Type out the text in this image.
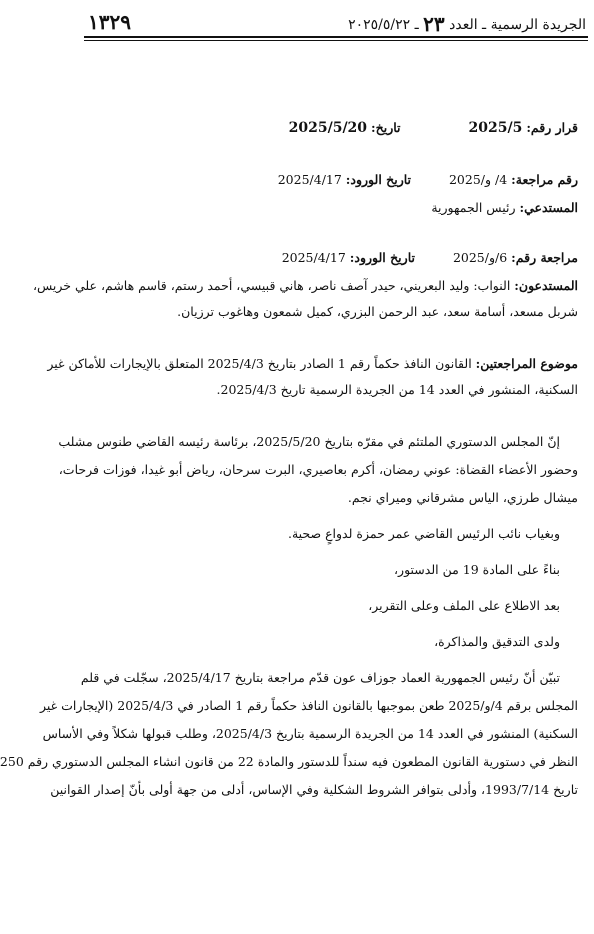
الجريدة الرسمية ـ العدد ٢٣ ـ ٢٠٢٥/٥/٢٢
١٣٢٩
قرار رقم: 2025/5  تاريخ: 2025/5/20
رقم مراجعة: 4/ و/2025  تاريخ الورود: 2025/4/17
المستدعي: رئيس الجمهورية
مراجعة رقم: 6/و/2025  تاريخ الورود: 2025/4/17
المستدعون: النواب: وليد البعريني، حيدر آصف ناصر، هاني قبيسي، أحمد رستم، قاسم هاشم، علي خريس،
شربل مسعد، أسامة سعد، عبد الرحمن البزري، كميل شمعون وهاغوب ترزيان.
موضوع المراجعتين: القانون النافذ حكماً رقم 1 الصادر بتاريخ 2025/4/3 المتعلق بالإيجارات للأماكن غير
السكنية، المنشور في العدد 14 من الجريدة الرسمية تاريخ 2025/4/3.
إنّ المجلس الدستوري الملتئم في مقرّه بتاريخ 2025/5/20، برئاسة رئيسه القاضي طنوس مشلب
وحضور الأعضاء القضاة: عوني رمضان، أكرم بعاصيري، البرت سرحان، رياض أبو غيدا، فوزات فرحات،
ميشال طرزي، الياس مشرقاني وميراي نجم.
وبغياب نائب الرئيس القاضي عمر حمزة لدواعٍ صحية.
بناءً على المادة 19 من الدستور،
بعد الاطلاع على الملف وعلى التقرير،
ولدى التدقيق والمذاكرة،
تبيّن أنّ رئيس الجمهورية العماد جوزاف عون قدّم مراجعة بتاريخ 2025/4/17، سجّلت في قلم
المجلس برقم 4/و/2025 طعن بموجبها بالقانون النافذ حكماً رقم 1 الصادر في 2025/4/3 (الإيجارات غير
السكنية) المنشور في العدد 14 من الجريدة الرسمية بتاريخ 2025/4/3، وطلب قبولها شكلاً وفي الأساس
النظر في دستورية القانون المطعون فيه سنداً للدستور والمادة 22 من قانون انشاء المجلس الدستوري رقم 250
تاريخ 1993/7/14، وأدلى بتوافر الشروط الشكلية وفي الإساس، أدلى من جهة أولى بأنّ إصدار القوانين
